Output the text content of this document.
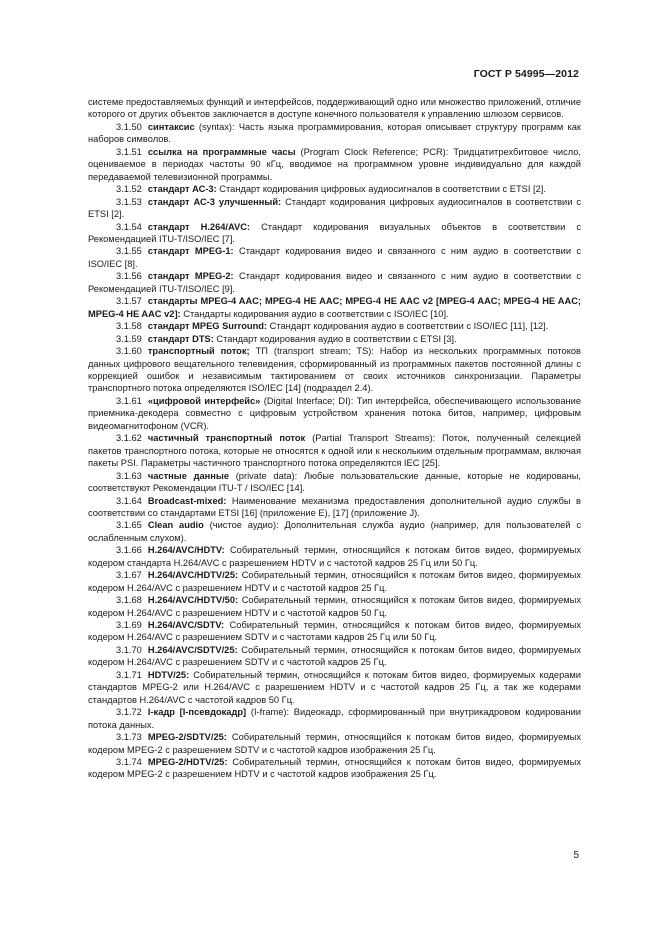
ГОСТ Р 54995—2012

системе предоставляемых функций и интерфейсов, поддерживающий одно или множество приложений, отличие которого от других объектов заключается в доступе конечного пользователя к управлению шлюзом сервисов.

3.1.50 синтаксис (syntax): Часть языка программирования, которая описывает структуру программ как наборов символов.

3.1.51 ссылка на программные часы (Program Clock Reference; PCR): Тридцатитрехбитовое число, оцениваемое в периодах частоты 90 кГц, вводимое на программном уровне индивидуально для каждой передаваемой телевизионной программы.

3.1.52 стандарт АС-3: Стандарт кодирования цифровых аудиосигналов в соответствии с ETSI [2].

3.1.53 стандарт АС-3 улучшенный: Стандарт кодирования цифровых аудиосигналов в соответствии с ETSI [2].

3.1.54 стандарт H.264/AVC: Стандарт кодирования визуальных объектов в соответствии с Рекомендацией ITU-T/ISO/IEC [7].

3.1.55 стандарт MPEG-1: Стандарт кодирования видео и связанного с ним аудио в соответствии с ISO/IEC [8].

3.1.56 стандарт MPEG-2: Стандарт кодирования видео и связанного с ним аудио в соответствии с Рекомендацией ITU-T/ISO/IEC [9].

3.1.57 стандарты MPEG-4 AAC; MPEG-4 HE AAC; MPEG-4 HE AAC v2 [MPEG-4 AAC; MPEG-4 HE AAC; MPEG-4 HE AAC v2]: Стандарты кодирования аудио в соответствии с ISO/IEC [10].

3.1.58 стандарт MPEG Surround: Стандарт кодирования аудио в соответствии с ISO/IEC [11], [12].

3.1.59 стандарт DTS: Стандарт кодирования аудио в соответствии с ETSI [3].

3.1.60 транспортный поток; ТП (transport stream; TS): Набор из нескольких программных потоков данных цифрового вещательного телевидения, сформированный из программных пакетов постоянной длины с коррекцией ошибок и независимым тактированием от своих источников синхронизации. Параметры транспортного потока определяются ISO/IEC [14] (подраздел 2.4).

3.1.61 «цифровой интерфейс» (Digital Interface; DI): Тип интерфейса, обеспечивающего использование приемника-декодера совместно с цифровым устройством хранения потока битов, например, цифровым видеомагнитофоном (VCR).

3.1.62 частичный транспортный поток (Partial Transport Streams): Поток, полученный селекцией пакетов транспортного потока, которые не относятся к одной или к нескольким отдельным программам, включая пакеты PSI. Параметры частичного транспортного потока определяются IEC [25].

3.1.63 частные данные (private data): Любые пользовательские данные, которые не кодированы, соответствуют Рекомендации ITU-T / ISO/IEC [14].

3.1.64 Broadcast-mixed: Наименование механизма предоставления дополнительной аудио службы в соответствии со стандартами ETSI [16] (приложение Е), [17] (приложение J).

3.1.65 Clean audio (чистое аудио): Дополнительная служба аудио (например, для пользователей с ослабленным слухом).

3.1.66 H.264/AVC/HDTV: Собирательный термин, относящийся к потокам битов видео, формируемых кодером стандарта H.264/AVC с разрешением HDTV и с частотой кадров 25 Гц или 50 Гц.

3.1.67 H.264/AVC/HDTV/25: Собирательный термин, относящийся к потокам битов видео, формируемых кодером H.264/AVC с разрешением HDTV и с частотой кадров 25 Гц.

3.1.68 H.264/AVC/HDTV/50: Собирательный термин, относящийся к потокам битов видео, формируемых кодером H.264/AVC с разрешением HDTV и с частотой кадров 50 Гц.

3.1.69 H.264/AVC/SDTV: Собирательный термин, относящийся к потокам битов видео, формируемых кодером H.264/AVC с разрешением SDTV и с частотами кадров 25 Гц или 50 Гц.

3.1.70 H.264/AVC/SDTV/25: Собирательный термин, относящийся к потокам битов видео, формируемых кодером H.264/AVC с разрешением SDTV и с частотой кадров 25 Гц.

3.1.71 HDTV/25: Собирательный термин, относящийся к потокам битов видео, формируемых кодерами стандартов MPEG-2 или H.264/AVC с разрешением HDTV и с частотой кадров 25 Гц, а так же кодерами стандартов H.264/AVC с частотой кадров 50 Гц.

3.1.72 I-кадр [I-псевдокадр] (I-frame): Видеокадр, сформированный при внутрикадровом кодировании потока данных.

3.1.73 MPEG-2/SDTV/25: Собирательный термин, относящийся к потокам битов видео, формируемых кодером MPEG-2 с разрешением SDTV и с частотой кадров изображения 25 Гц.

3.1.74 MPEG-2/HDTV/25: Собирательный термин, относящийся к потокам битов видео, формируемых кодером MPEG-2 с разрешением HDTV и с частотой кадров изображения 25 Гц.

5
